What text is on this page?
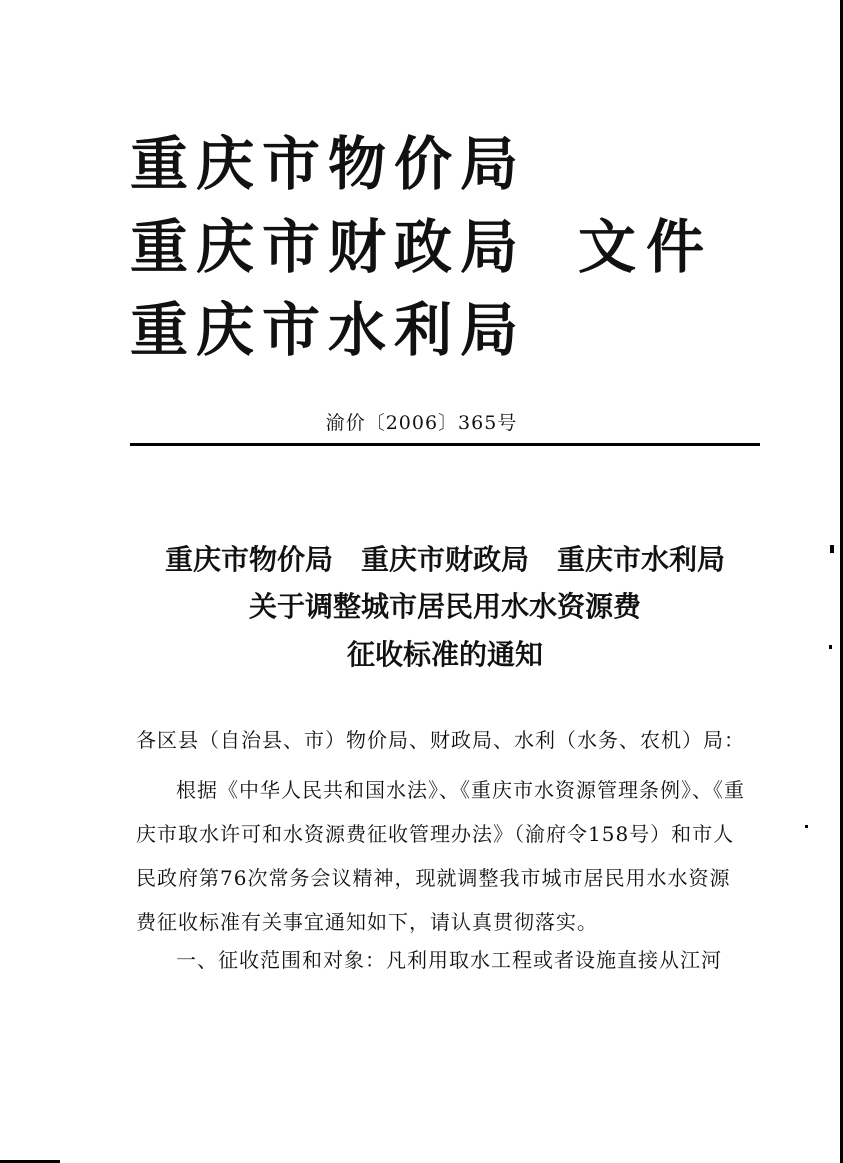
重庆市物价局
重庆市财政局
重庆市水利局
文件
渝价〔2006〕365号
重庆市物价局　重庆市财政局　重庆市水利局
关于调整城市居民用水水资源费
征收标准的通知
各区县（自治县、市）物价局、财政局、水利（水务、农机）局：
根据《中华人民共和国水法》、《重庆市水资源管理条例》、《重庆市取水许可和水资源费征收管理办法》（渝府令158号）和市人民政府第76次常务会议精神，现就调整我市城市居民用水水资源费征收标准有关事宜通知如下，请认真贯彻落实。
一、征收范围和对象：凡利用取水工程或者设施直接从江河
